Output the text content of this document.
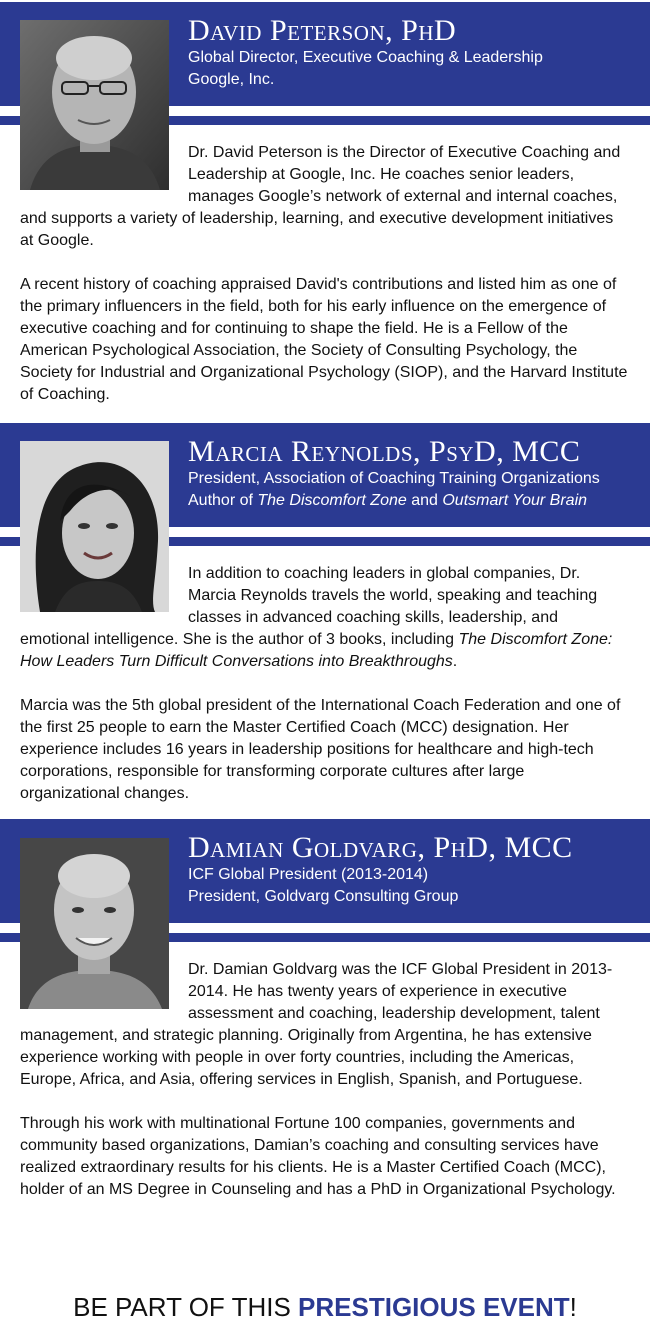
David Peterson, PhD
Global Director, Executive Coaching & Leadership
Google, Inc.

Dr. David Peterson is the Director of Executive Coaching and Leadership at Google, Inc. He coaches senior leaders, manages Google’s network of external and internal coaches, and supports a variety of leadership, learning, and executive development initiatives at Google.

A recent history of coaching appraised David's contributions and listed him as one of the primary influencers in the field, both for his early influence on the emergence of executive coaching and for continuing to shape the field. He is a Fellow of the American Psychological Association, the Society of Consulting Psychology, the Society for Industrial and Organizational Psychology (SIOP), and the Harvard Institute of Coaching.

Marcia Reynolds, PsyD, MCC
President, Association of Coaching Training Organizations
Author of The Discomfort Zone and Outsmart Your Brain

In addition to coaching leaders in global companies, Dr. Marcia Reynolds travels the world, speaking and teaching classes in advanced coaching skills, leadership, and emotional intelligence. She is the author of 3 books, including The Discomfort Zone: How Leaders Turn Difficult Conversations into Breakthroughs.

Marcia was the 5th global president of the International Coach Federation and one of the first 25 people to earn the Master Certified Coach (MCC) designation. Her experience includes 16 years in leadership positions for healthcare and high-tech corporations, responsible for transforming corporate cultures after large organizational changes.

Damian Goldvarg, PhD, MCC
ICF Global President (2013-2014)
President, Goldvarg Consulting Group

Dr. Damian Goldvarg was the ICF Global President in 2013-2014. He has twenty years of experience in executive assessment and coaching, leadership development, talent management, and strategic planning. Originally from Argentina, he has extensive experience working with people in over forty countries, including the Americas, Europe, Africa, and Asia, offering services in English, Spanish, and Portuguese.

Through his work with multinational Fortune 100 companies, governments and community based organizations, Damian’s coaching and consulting services have realized extraordinary results for his clients. He is a Master Certified Coach (MCC), holder of an MS Degree in Counseling and has a PhD in Organizational Psychology.

BE PART OF THIS PRESTIGIOUS EVENT!
